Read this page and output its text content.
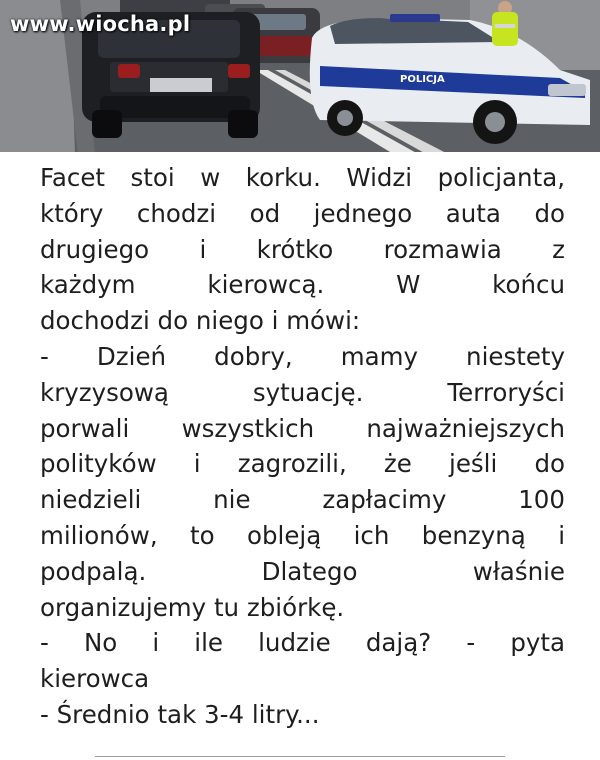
POLICJA
www.wiocha.pl
Facet stoi w korku. Widzi policjanta,
który chodzi od jednego auta do
drugiego i krótko rozmawia z
każdym kierowcą. W końcu
dochodzi do niego i mówi:
- Dzień dobry, mamy niestety
kryzysową sytuację. Terroryści
porwali wszystkich najważniejszych
polityków i zagrozili, że jeśli do
niedzieli nie zapłacimy 100
milionów, to obleją ich benzyną i
podpalą. Dlatego właśnie
organizujemy tu zbiórkę.
- No i ile ludzie dają? - pyta
kierowca
- Średnio tak 3-4 litry...
